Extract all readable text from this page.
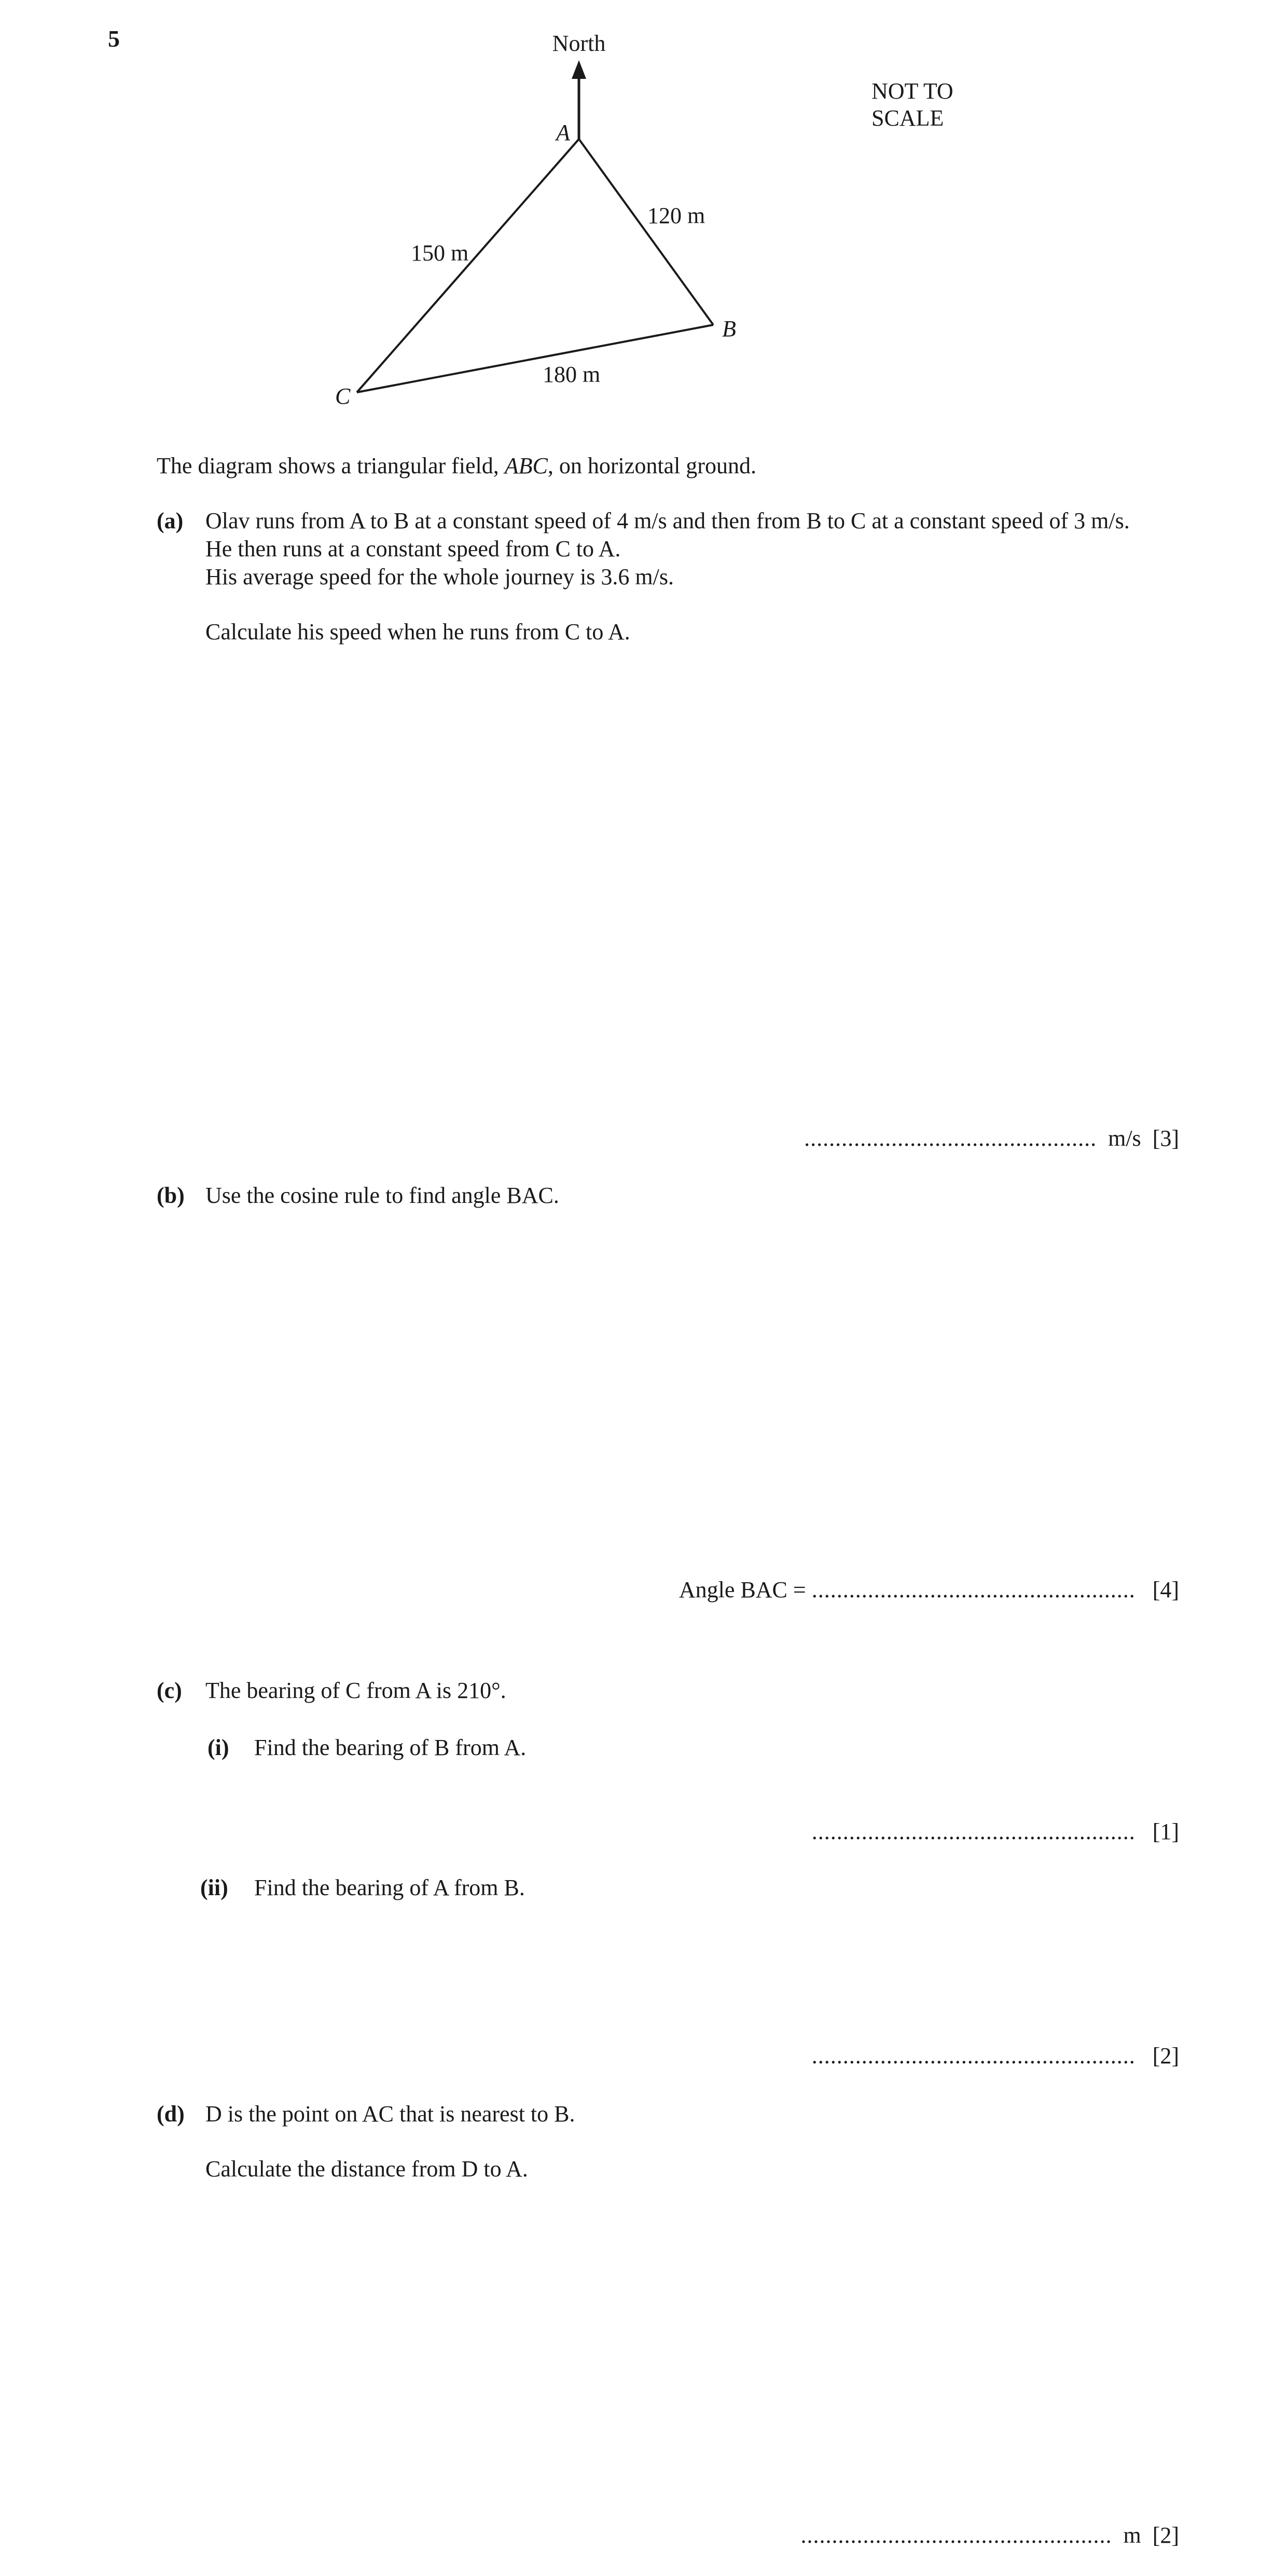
5	North
A
B
C
120 m
150 m
180 m
NOT TO SCALE
The diagram shows a triangular field, ABC, on horizontal ground.
(a) Olav runs from A to B at a constant speed of 4 m/s and then from B to C at a constant speed of 3 m/s.
He then runs at a constant speed from C to A.
His average speed for the whole journey is 3.6 m/s.
Calculate his speed when he runs from C to A.
............................................... m/s [3]
(b) Use the cosine rule to find angle BAC.
Angle BAC = .................................................... [4]
(c) The bearing of C from A is 210°.
(i) Find the bearing of B from A.
.................................................... [1]
(ii) Find the bearing of A from B.
.................................................... [2]
(d) D is the point on AC that is nearest to B.
Calculate the distance from D to A.
.................................................. m [2]
